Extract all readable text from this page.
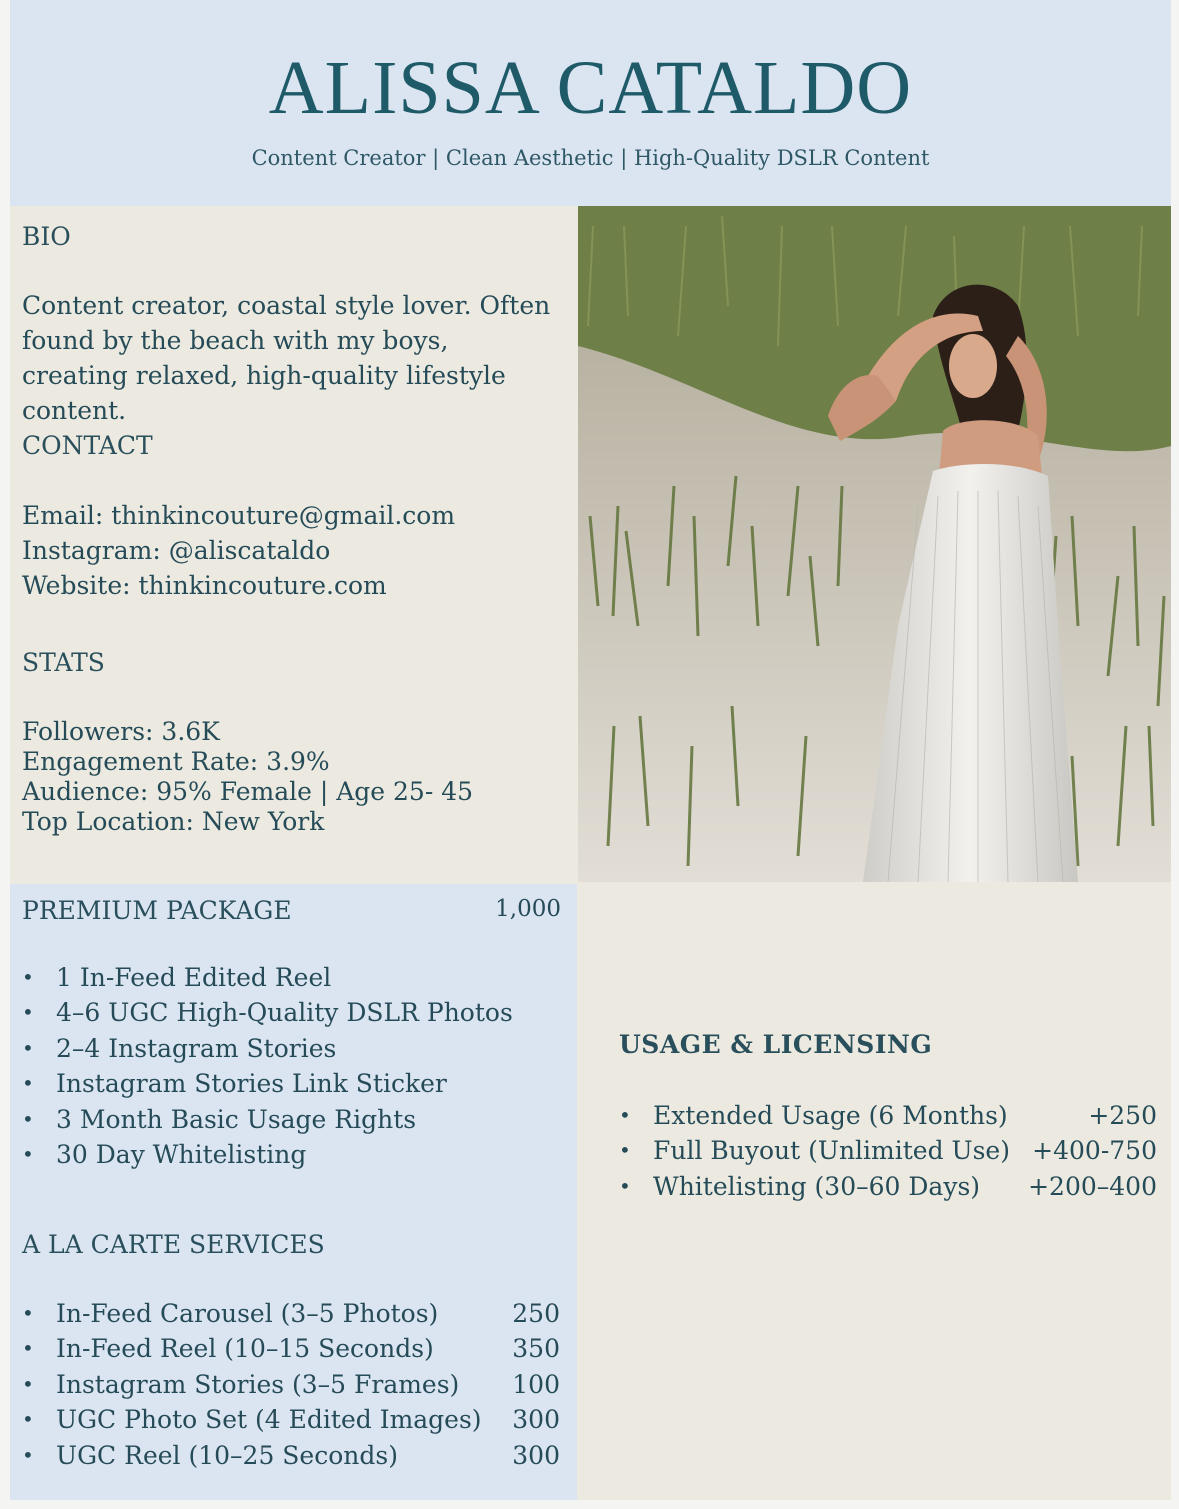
ALISSA CATALDO
Content Creator | Clean Aesthetic | High-Quality DSLR Content
BIO
Content creator, coastal style lover. Often found by the beach with my boys, creating relaxed, high-quality lifestyle content.
CONTACT
Email: thinkincouture@gmail.com
Instagram: @aliscataldo
Website: thinkincouture.com
STATS
Followers: 3.6K
Engagement Rate: 3.9%
Audience: 95% Female | Age 25- 45
Top Location: New York
PREMIUM PACKAGE	1,000
• 1 In-Feed Edited Reel
• 4–6 UGC High-Quality DSLR Photos
• 2–4 Instagram Stories
• Instagram Stories Link Sticker
• 3 Month Basic Usage Rights
• 30 Day Whitelisting
A LA CARTE SERVICES
• In-Feed Carousel (3–5 Photos)	250
• In-Feed Reel (10–15 Seconds)	350
• Instagram Stories (3–5 Frames) 100
• UGC Photo Set (4 Edited Images) 300
• UGC Reel (10–25 Seconds)	300
USAGE & LICENSING
• Extended Usage (6 Months)	+250
• Full Buyout (Unlimited Use) +400-750
• Whitelisting (30–60 Days) +200–400
